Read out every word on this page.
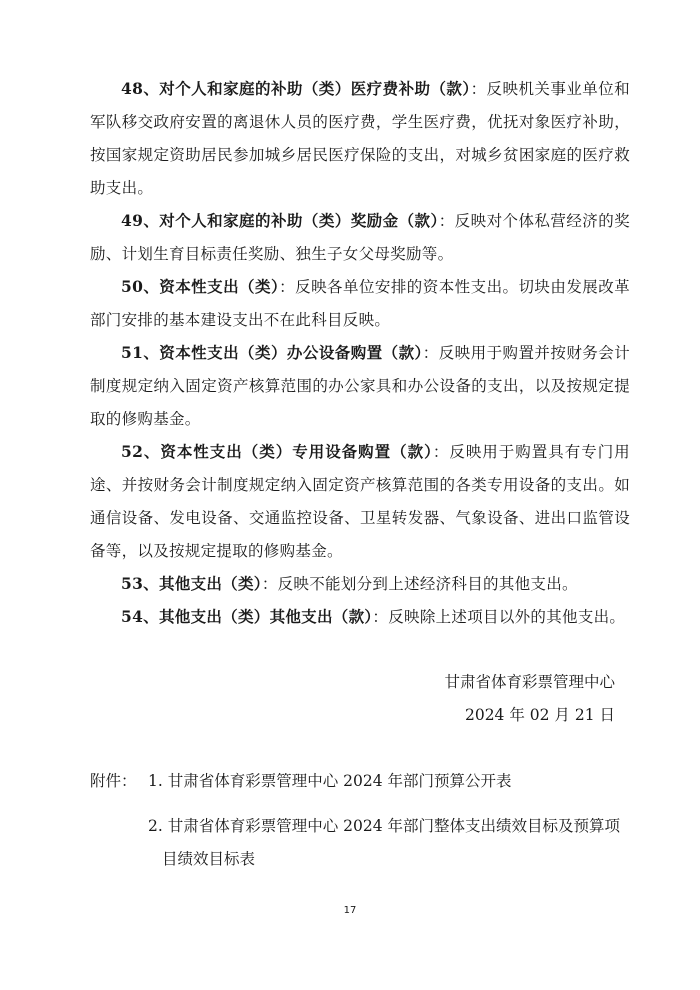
48、对个人和家庭的补助（类）医疗费补助（款）：反映机关事业单位和军队移交政府安置的离退休人员的医疗费，学生医疗费，优抚对象医疗补助，按国家规定资助居民参加城乡居民医疗保险的支出，对城乡贫困家庭的医疗救助支出。

49、对个人和家庭的补助（类）奖励金（款）：反映对个体私营经济的奖励、计划生育目标责任奖励、独生子女父母奖励等。

50、资本性支出（类）：反映各单位安排的资本性支出。切块由发展改革部门安排的基本建设支出不在此科目反映。

51、资本性支出（类）办公设备购置（款）：反映用于购置并按财务会计制度规定纳入固定资产核算范围的办公家具和办公设备的支出，以及按规定提取的修购基金。

52、资本性支出（类）专用设备购置（款）：反映用于购置具有专门用途、并按财务会计制度规定纳入固定资产核算范围的各类专用设备的支出。如通信设备、发电设备、交通监控设备、卫星转发器、气象设备、进出口监管设备等，以及按规定提取的修购基金。

53、其他支出（类）：反映不能划分到上述经济科目的其他支出。

54、其他支出（类）其他支出（款）：反映除上述项目以外的其他支出。

甘肃省体育彩票管理中心

2024 年 02 月 21 日

附件： 1. 甘肃省体育彩票管理中心 2024 年部门预算公开表

2. 甘肃省体育彩票管理中心 2024 年部门整体支出绩效目标及预算项

目绩效目标表

17
